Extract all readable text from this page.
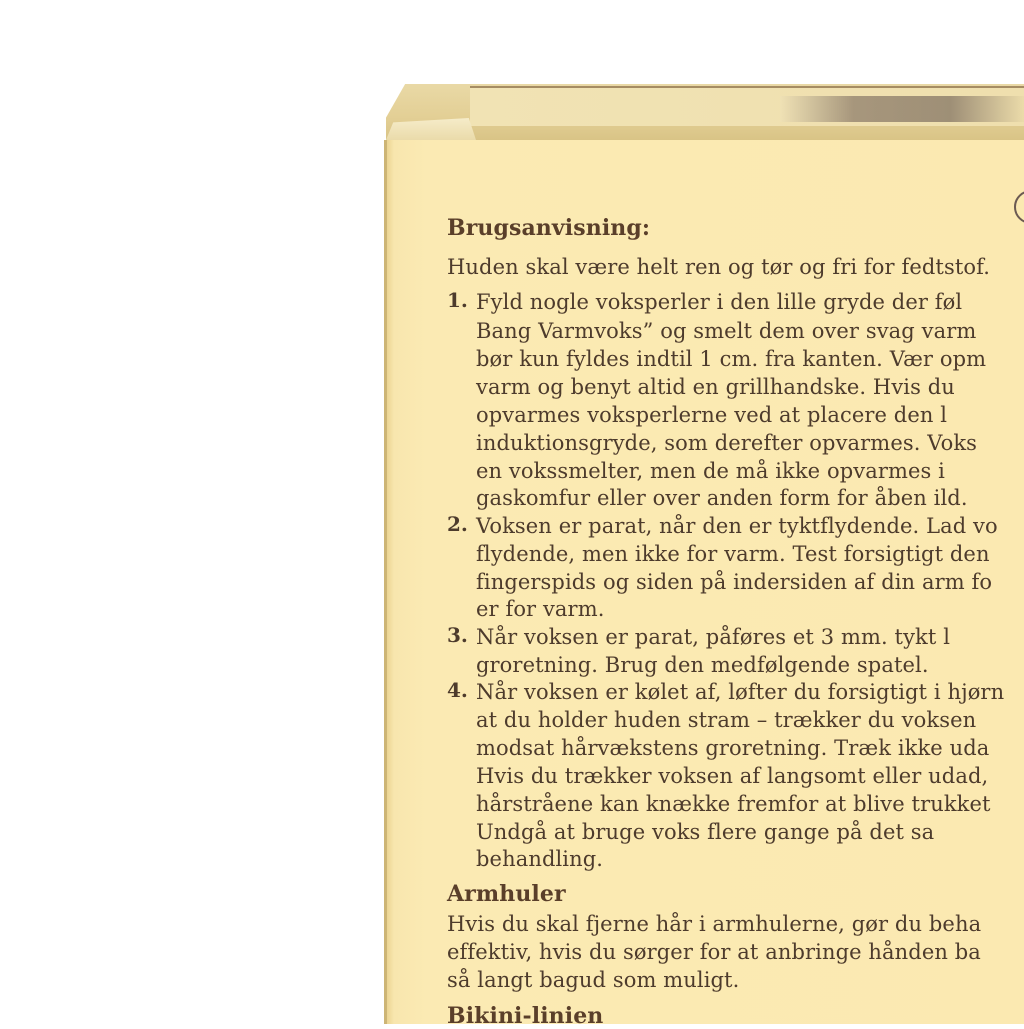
Brugsanvisning:
Huden skal være helt ren og tør og fri for fedtstof.
1. Fyld nogle voksperler i den lille gryde der føl
Bang Varmvoks” og smelt dem over svag varm
bør kun fyldes indtil 1 cm. fra kanten. Vær opm
varm og benyt altid en grillhandske. Hvis du
opvarmes voksperlerne ved at placere den l
induktionsgryde, som derefter opvarmes. Voks
en vokssmelter, men de må ikke opvarmes i
gaskomfur eller over anden form for åben ild.
2. Voksen er parat, når den er tyktflydende. Lad vo
flydende, men ikke for varm. Test forsigtigt den
fingerspids og siden på indersiden af din arm fo
er for varm.
3. Når voksen er parat, påføres et 3 mm. tykt l
groretning. Brug den medfølgende spatel.
4. Når voksen er kølet af, løfter du forsigtigt i hjørn
at du holder huden stram – trækker du voksen
modsat hårvækstens groretning. Træk ikke uda
Hvis du trækker voksen af langsomt eller udad,
hårstråene kan knække fremfor at blive trukket
Undgå at bruge voks flere gange på det sa
behandling.
Armhuler
Hvis du skal fjerne hår i armhulerne, gør du beha
effektiv, hvis du sørger for at anbringe hånden ba
så langt bagud som muligt.
Bikini-linien
